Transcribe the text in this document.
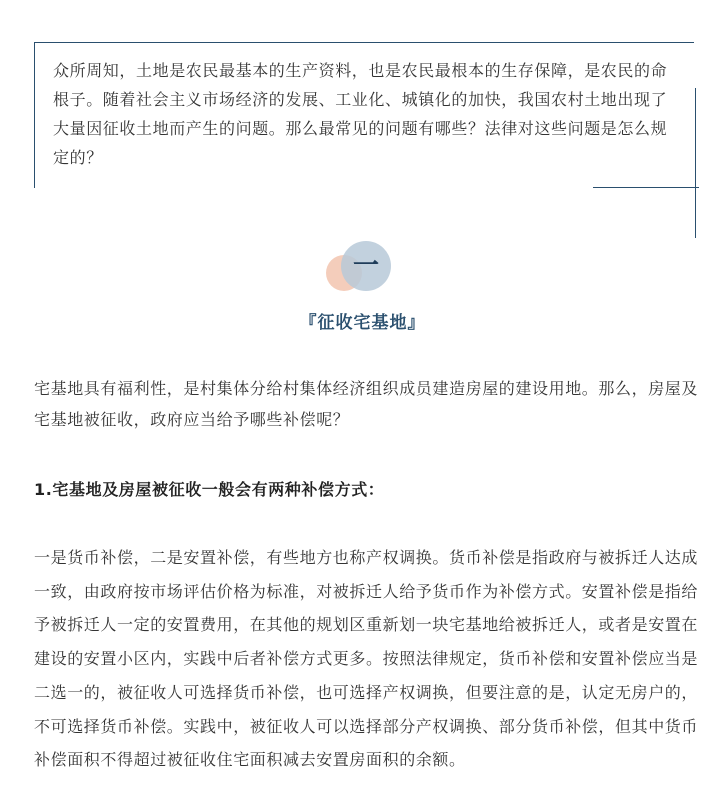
众所周知，土地是农民最基本的生产资料，也是农民最根本的生存保障，是农民的命根子。随着社会主义市场经济的发展、工业化、城镇化的加快，我国农村土地出现了大量因征收土地而产生的问题。那么最常见的问题有哪些？法律对这些问题是怎么规定的？

一
『征收宅基地』

宅基地具有福利性，是村集体分给村集体经济组织成员建造房屋的建设用地。那么，房屋及宅基地被征收，政府应当给予哪些补偿呢？

1.宅基地及房屋被征收一般会有两种补偿方式：

一是货币补偿，二是安置补偿，有些地方也称产权调换。货币补偿是指政府与被拆迁人达成一致，由政府按市场评估价格为标准，对被拆迁人给予货币作为补偿方式。安置补偿是指给予被拆迁人一定的安置费用，在其他的规划区重新划一块宅基地给被拆迁人，或者是安置在建设的安置小区内，实践中后者补偿方式更多。按照法律规定，货币补偿和安置补偿应当是二选一的，被征收人可选择货币补偿，也可选择产权调换，但要注意的是，认定无房户的，不可选择货币补偿。实践中，被征收人可以选择部分产权调换、部分货币补偿，但其中货币补偿面积不得超过被征收住宅面积减去安置房面积的余额。
